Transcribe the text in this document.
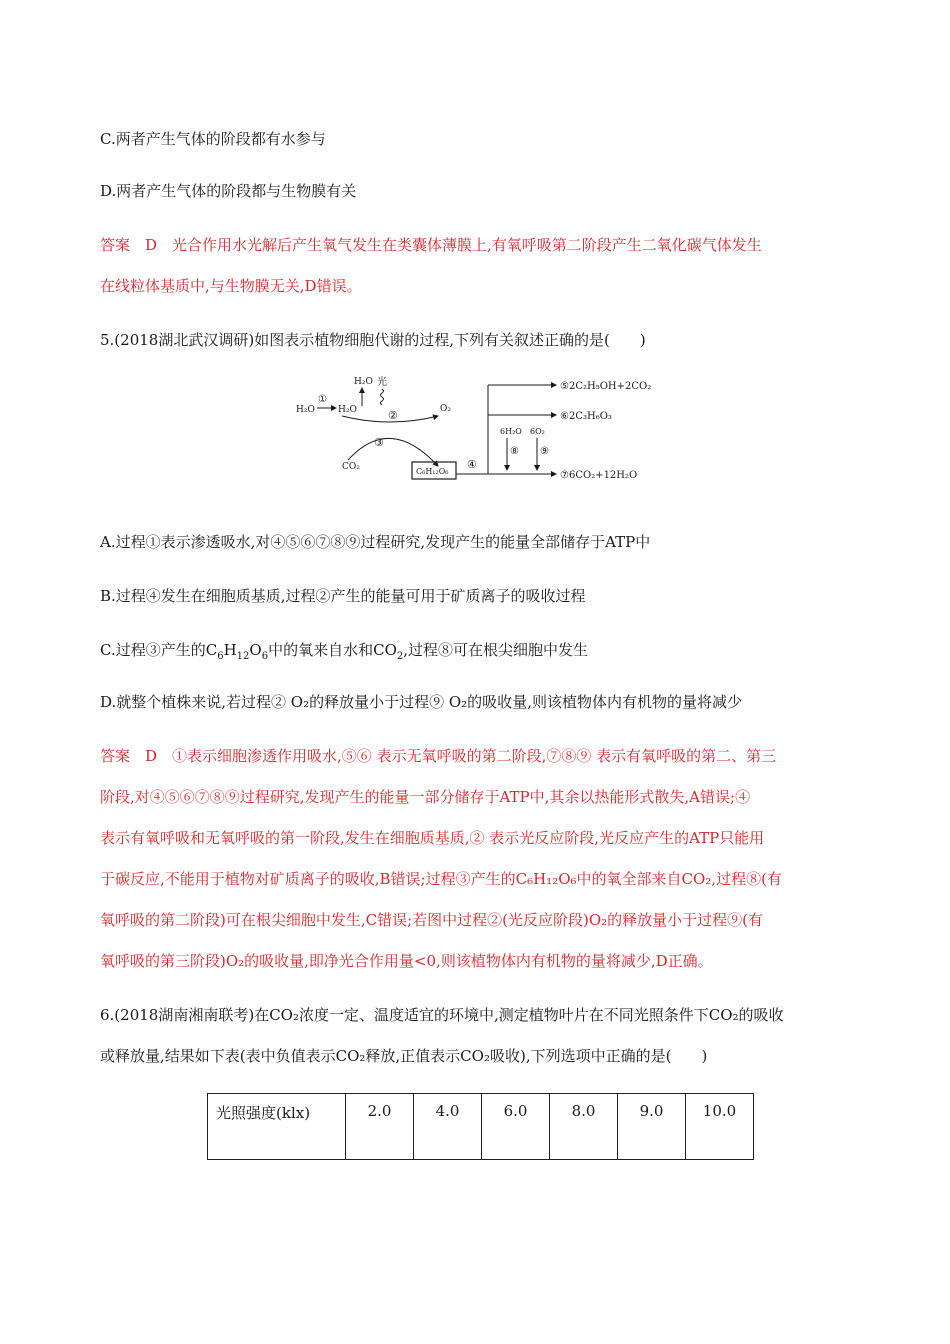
C.两者产生气体的阶段都有水参与
D.两者产生气体的阶段都与生物膜有关
答案　D　光合作用水光解后产生氧气发生在类囊体薄膜上,有氧呼吸第二阶段产生二氧化碳气体发生
在线粒体基质中,与生物膜无关,D错误。
5.(2018湖北武汉调研)如图表示植物细胞代谢的过程,下列有关叙述正确的是(　　)
H₂O
①
H₂O
H₂O 光
②	O₂
③
CO₂	C₆H₁₂O₆
④
⑤2C₂H₅OH+2CO₂
⑥2C₃H₆O₃
⑦6CO₂+12H₂O
6H₂O
⑧
6O₂
⑨
A.过程①表示渗透吸水,对④⑤⑥⑦⑧⑨过程研究,发现产生的能量全部储存于ATP中
B.过程④发生在细胞质基质,过程②产生的能量可用于矿质离子的吸收过程
C.过程③产生的$C_6H_{12}O_6$中的氧来自水和$CO_2$,过程⑧可在根尖细胞中发生
D.就整个植株来说,若过程② O₂的释放量小于过程⑨ O₂的吸收量,则该植物体内有机物的量将减少
答案　D　①表示细胞渗透作用吸水,⑤⑥ 表示无氧呼吸的第二阶段,⑦⑧⑨ 表示有氧呼吸的第二、第三
阶段,对④⑤⑥⑦⑧⑨过程研究,发现产生的能量一部分储存于ATP中,其余以热能形式散失,A错误;④
表示有氧呼吸和无氧呼吸的第一阶段,发生在细胞质基质,② 表示光反应阶段,光反应产生的ATP只能用
于碳反应,不能用于植物对矿质离子的吸收,B错误;过程③产生的C₆H₁₂O₆中的氧全部来自CO₂,过程⑧(有
氧呼吸的第二阶段)可在根尖细胞中发生,C错误;若图中过程②(光反应阶段)O₂的释放量小于过程⑨(有
氧呼吸的第三阶段)O₂的吸收量,即净光合作用量<0,则该植物体内有机物的量将减少,D正确。
6.(2018湖南湘南联考)在CO₂浓度一定、温度适宜的环境中,测定植物叶片在不同光照条件下CO₂的吸收
或释放量,结果如下表(表中负值表示CO₂释放,正值表示CO₂吸收),下列选项中正确的是(　　)
光照强度(klx)	2.0	4.0	6.0	8.0	9.0	10.0
